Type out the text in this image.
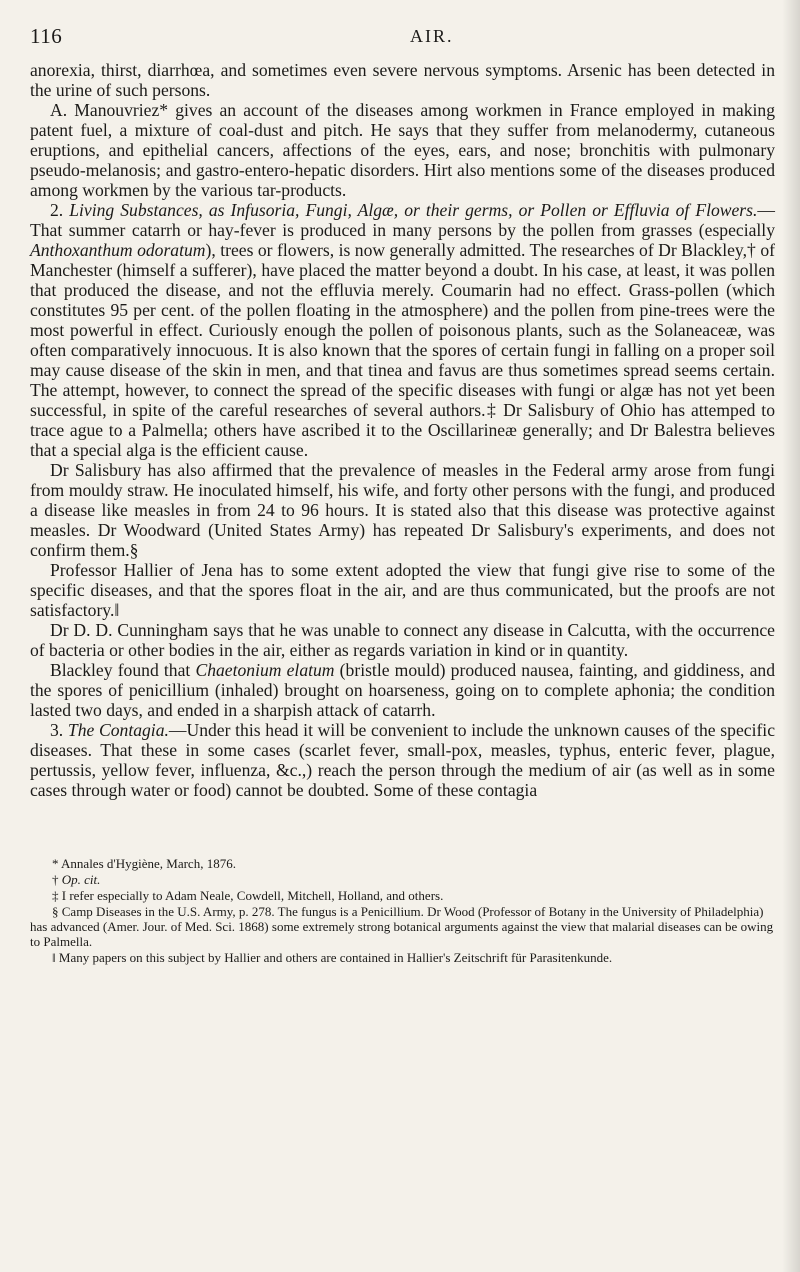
116	AIR.

anorexia, thirst, diarrhœa, and sometimes even severe nervous symptoms. Arsenic has been detected in the urine of such persons.

A. Manouvriez* gives an account of the diseases among workmen in France employed in making patent fuel, a mixture of coal-dust and pitch. He says that they suffer from melanodermy, cutaneous eruptions, and epithelial cancers, affections of the eyes, ears, and nose; bronchitis with pulmonary pseudo-melanosis; and gastro-entero-hepatic disorders. Hirt also mentions some of the diseases produced among workmen by the various tar-products.

2. Living Substances, as Infusoria, Fungi, Algæ, or their germs, or Pollen or Effluvia of Flowers.—That summer catarrh or hay-fever is produced in many persons by the pollen from grasses (especially Anthoxanthum odoratum), trees or flowers, is now generally admitted. The researches of Dr Blackley,† of Manchester (himself a sufferer), have placed the matter beyond a doubt. In his case, at least, it was pollen that produced the disease, and not the effluvia merely. Coumarin had no effect. Grass-pollen (which constitutes 95 per cent. of the pollen floating in the atmosphere) and the pollen from pine-trees were the most powerful in effect. Curiously enough the pollen of poisonous plants, such as the Solaneaceæ, was often comparatively innocuous. It is also known that the spores of certain fungi in falling on a proper soil may cause disease of the skin in men, and that tinea and favus are thus sometimes spread seems certain. The attempt, however, to connect the spread of the specific diseases with fungi or algæ has not yet been successful, in spite of the careful researches of several authors.‡ Dr Salisbury of Ohio has attemped to trace ague to a Palmella; others have ascribed it to the Oscillarineæ generally; and Dr Balestra believes that a special alga is the efficient cause.

Dr Salisbury has also affirmed that the prevalence of measles in the Federal army arose from fungi from mouldy straw. He inoculated himself, his wife, and forty other persons with the fungi, and produced a disease like measles in from 24 to 96 hours. It is stated also that this disease was protective against measles. Dr Woodward (United States Army) has repeated Dr Salisbury's experiments, and does not confirm them.§

Professor Hallier of Jena has to some extent adopted the view that fungi give rise to some of the specific diseases, and that the spores float in the air, and are thus communicated, but the proofs are not satisfactory.‖

Dr D. D. Cunningham says that he was unable to connect any disease in Calcutta, with the occurrence of bacteria or other bodies in the air, either as regards variation in kind or in quantity.

Blackley found that Chaetonium elatum (bristle mould) produced nausea, fainting, and giddiness, and the spores of penicillium (inhaled) brought on hoarseness, going on to complete aphonia; the condition lasted two days, and ended in a sharpish attack of catarrh.

3. The Contagia.—Under this head it will be convenient to include the unknown causes of the specific diseases. That these in some cases (scarlet fever, small-pox, measles, typhus, enteric fever, plague, pertussis, yellow fever, influenza, &c.,) reach the person through the medium of air (as well as in some cases through water or food) cannot be doubted. Some of these contagia

* Annales d'Hygiène, March, 1876.

† Op. cit.

‡ I refer especially to Adam Neale, Cowdell, Mitchell, Holland, and others.

§ Camp Diseases in the U.S. Army, p. 278. The fungus is a Penicillium. Dr Wood (Professor of Botany in the University of Philadelphia) has advanced (Amer. Jour. of Med. Sci. 1868) some extremely strong botanical arguments against the view that malarial diseases can be owing to Palmella.

‖ Many papers on this subject by Hallier and others are contained in Hallier's Zeitschrift für Parasitenkunde.
